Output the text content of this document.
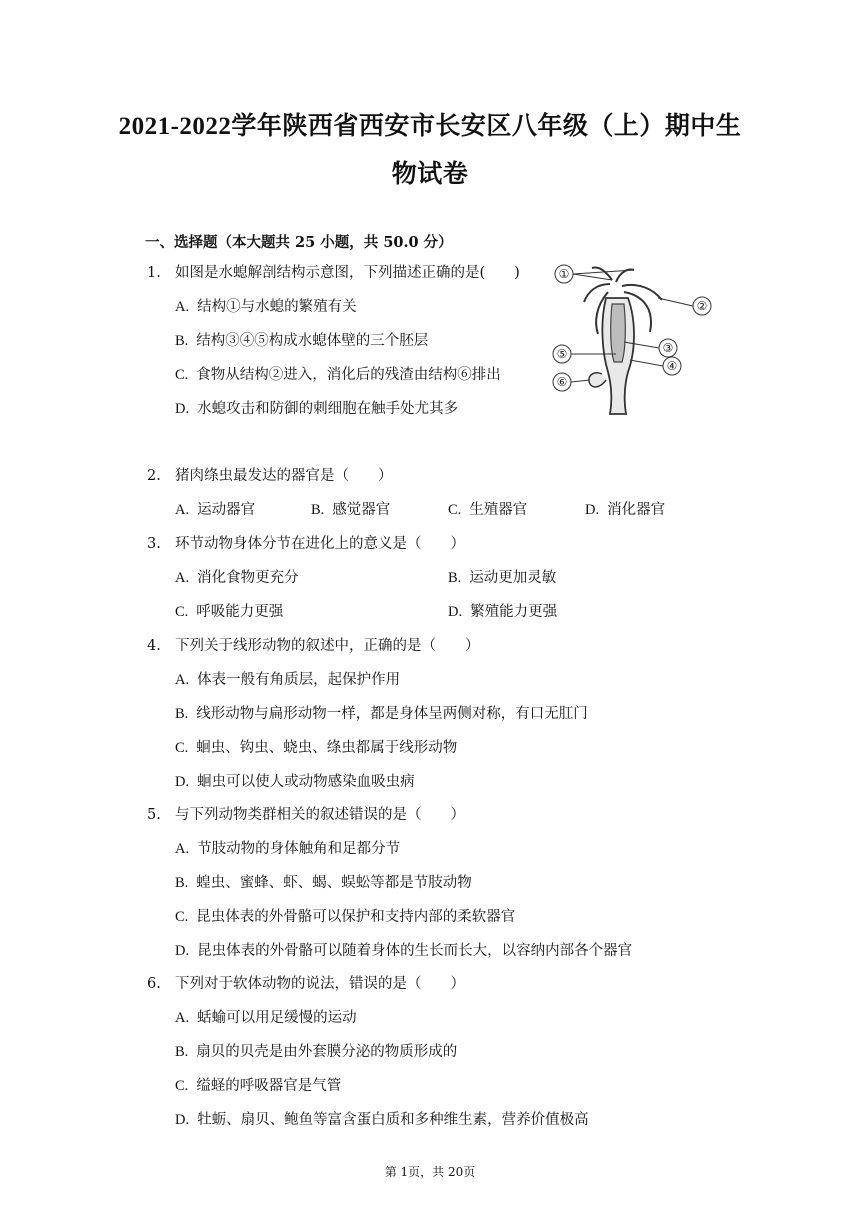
2021-2022学年陕西省西安市长安区八年级（上）期中生
物试卷
一、选择题（本大题共 25 小题，共 50.0 分）
1. 如图是水螅解剖结构示意图，下列描述正确的是(　　)
A. 结构①与水螅的繁殖有关
B. 结构③④⑤构成水螅体壁的三个胚层
C. 食物从结构②进入，消化后的残渣由结构⑥排出
D. 水螅攻击和防御的刺细胞在触手处尤其多
①
②
③
④
⑤
⑥
2. 猪肉绦虫最发达的器官是（　　）
A. 运动器官	B. 感觉器官	C. 生殖器官	D. 消化器官
3. 环节动物身体分节在进化上的意义是（　　）
A. 消化食物更充分	B. 运动更加灵敏
C. 呼吸能力更强	D. 繁殖能力更强
4. 下列关于线形动物的叙述中，正确的是（　　）
A. 体表一般有角质层，起保护作用
B. 线形动物与扁形动物一样，都是身体呈两侧对称，有口无肛门
C. 蛔虫、钩虫、蛲虫、绦虫都属于线形动物
D. 蛔虫可以使人或动物感染血吸虫病
5. 与下列动物类群相关的叙述错误的是（　　）
A. 节肢动物的身体触角和足都分节
B. 蝗虫、蜜蜂、虾、蝎、蜈蚣等都是节肢动物
C. 昆虫体表的外骨骼可以保护和支持内部的柔软器官
D. 昆虫体表的外骨骼可以随着身体的生长而长大，以容纳内部各个器官
6. 下列对于软体动物的说法，错误的是（　　）
A. 蛞蝓可以用足缓慢的运动
B. 扇贝的贝壳是由外套膜分泌的物质形成的
C. 缢蛏的呼吸器官是气管
D. 牡蛎、扇贝、鲍鱼等富含蛋白质和多种维生素，营养价值极高
第 1页，共 20页
